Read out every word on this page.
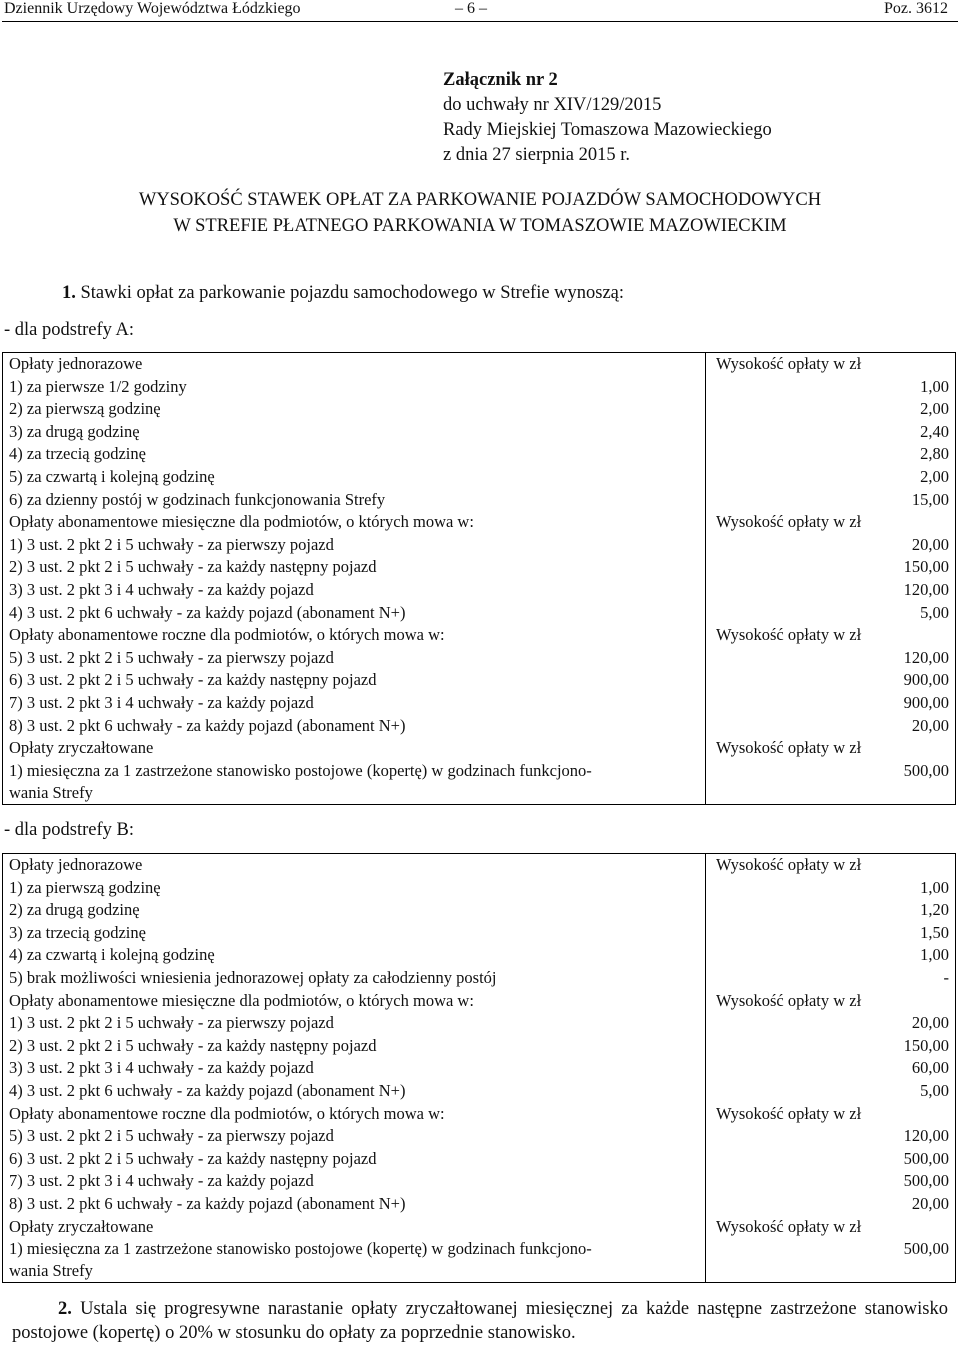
Dziennik Urzędowy Województwa Łódzkiego	– 6 –	Poz. 3612
Załącznik nr 2
do uchwały nr XIV/129/2015
Rady Miejskiej Tomaszowa Mazowieckiego
z dnia 27 sierpnia 2015 r.
WYSOKOŚĆ STAWEK OPŁAT ZA PARKOWANIE POJAZDÓW SAMOCHODOWYCH
W STREFIE PŁATNEGO PARKOWANIA W TOMASZOWIE MAZOWIECKIM
1. Stawki opłat za parkowanie pojazdu samochodowego w Strefie wynoszą:
- dla podstrefy A:
Opłaty jednorazowe	Wysokość opłaty w zł
1) za pierwsze 1/2 godziny	1,00
2) za pierwszą godzinę	2,00
3) za drugą godzinę	2,40
4) za trzecią godzinę	2,80
5) za czwartą i kolejną godzinę	2,00
6) za dzienny postój w godzinach funkcjonowania Strefy	15,00
Opłaty abonamentowe miesięczne dla podmiotów, o których mowa w:	Wysokość opłaty w zł
1) 3 ust. 2 pkt 2 i 5 uchwały - za pierwszy pojazd	20,00
2) 3 ust. 2 pkt 2 i 5 uchwały - za każdy następny pojazd	150,00
3) 3 ust. 2 pkt 3 i 4 uchwały - za każdy pojazd	120,00
4) 3 ust. 2 pkt 6 uchwały - za każdy pojazd (abonament N+)	5,00
Opłaty abonamentowe roczne dla podmiotów, o których mowa w:	Wysokość opłaty w zł
5) 3 ust. 2 pkt 2 i 5 uchwały - za pierwszy pojazd	120,00
6) 3 ust. 2 pkt 2 i 5 uchwały - za każdy następny pojazd	900,00
7) 3 ust. 2 pkt 3 i 4 uchwały - za każdy pojazd	900,00
8) 3 ust. 2 pkt 6 uchwały - za każdy pojazd (abonament N+)	20,00
Opłaty zryczałtowane	Wysokość opłaty w zł
1) miesięczna za 1 zastrzeżone stanowisko postojowe (kopertę) w godzinach funkcjono-
wania Strefy	500,00
- dla podstrefy B:
Opłaty jednorazowe	Wysokość opłaty w zł
1) za pierwszą godzinę	1,00
2) za drugą godzinę	1,20
3) za trzecią godzinę	1,50
4) za czwartą i kolejną godzinę	1,00
5) brak możliwości wniesienia jednorazowej opłaty za całodzienny postój	-
Opłaty abonamentowe miesięczne dla podmiotów, o których mowa w:	Wysokość opłaty w zł
1) 3 ust. 2 pkt 2 i 5 uchwały - za pierwszy pojazd	20,00
2) 3 ust. 2 pkt 2 i 5 uchwały - za każdy następny pojazd	150,00
3) 3 ust. 2 pkt 3 i 4 uchwały - za każdy pojazd	60,00
4) 3 ust. 2 pkt 6 uchwały - za każdy pojazd (abonament N+)	5,00
Opłaty abonamentowe roczne dla podmiotów, o których mowa w:	Wysokość opłaty w zł
5) 3 ust. 2 pkt 2 i 5 uchwały - za pierwszy pojazd	120,00
6) 3 ust. 2 pkt 2 i 5 uchwały - za każdy następny pojazd	500,00
7) 3 ust. 2 pkt 3 i 4 uchwały - za każdy pojazd	500,00
8) 3 ust. 2 pkt 6 uchwały - za każdy pojazd (abonament N+)	20,00
Opłaty zryczałtowane	Wysokość opłaty w zł
1) miesięczna za 1 zastrzeżone stanowisko postojowe (kopertę) w godzinach funkcjono-
wania Strefy	500,00
2. Ustala się progresywne narastanie opłaty zryczałtowanej miesięcznej za każde następne zastrzeżone stanowisko postojowe (kopertę) o 20% w stosunku do opłaty za poprzednie stanowisko.
